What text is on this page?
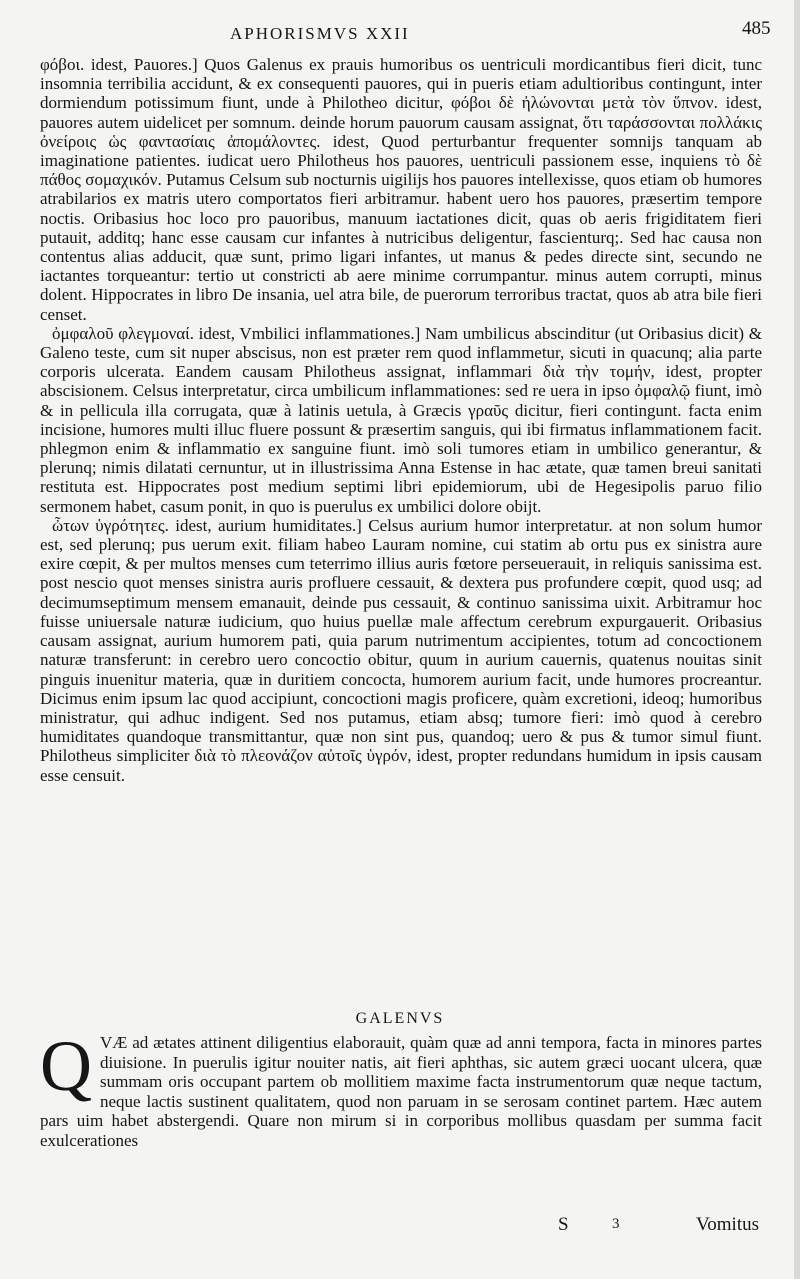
APHORISMVS XXII	485

φόβοι. idest, Pauores.] Quos Galenus ex prauis humoribus os uentriculi mordicantibus fieri dicit, tunc insomnia terribilia accidunt, & ex consequenti pauores, qui in pueris etiam adultioribus contingunt, inter dormiendum potissimum fiunt, unde à Philotheo dicitur, φόβοι δὲ ἠλώνονται μετὰ τὸν ὕπνον. idest, pauores autem uidelicet per somnum. deinde horum pauorum causam assignat, ὅτι ταράσσονται πολλάκις ὀνείροις ὡς φαντασίαις ἀπομάλοντες. idest, Quod perturbantur frequenter somnijs tanquam ab imaginatione patientes. iudicat uero Philotheus hos pauores, uentriculi passionem esse, inquiens τὸ δὲ πάθος σομαχικόν. Putamus Celsum sub nocturnis uigilijs hos pauores intellexisse, quos etiam ob humores atrabilarios ex matris utero comportatos fieri arbitramur. habent uero hos pauores, præsertim tempore noctis. Oribasius hoc loco pro pauoribus, manuum iactationes dicit, quas ob aeris frigiditatem fieri putauit, additq; hanc esse causam cur infantes à nutricibus deligentur, fascienturq;. Sed hac causa non contentus alias adducit, quæ sunt, primo ligari infantes, ut manus & pedes directe sint, secundo ne iactantes torqueantur: tertio ut constricti ab aere minime corrumpantur. minus autem corrupti, minus dolent. Hippocrates in libro De insania, uel atra bile, de puerorum terroribus tractat, quos ab atra bile fieri censet.

ὀμφαλοῦ φλεγμοναί. idest, Vmbilici inflammationes.] Nam umbilicus abscinditur (ut Oribasius dicit) & Galeno teste, cum sit nuper abscisus, non est præter rem quod inflammetur, sicuti in quacunq; alia parte corporis ulcerata. Eandem causam Philotheus assignat, inflammari διὰ τὴν τομήν, idest, propter abscisionem. Celsus interpretatur, circa umbilicum inflammationes: sed re uera in ipso ὀμφαλῷ fiunt, imò & in pellicula illa corrugata, quæ à latinis uetula, à Græcis γραῦς dicitur, fieri contingunt. facta enim incisione, humores multi illuc fluere possunt & præsertim sanguis, qui ibi firmatus inflammationem facit. phlegmon enim & inflammatio ex sanguine fiunt. imò soli tumores etiam in umbilico generantur, & plerunq; nimis dilatati cernuntur, ut in illustrissima Anna Estense in hac ætate, quæ tamen breui sanitati restituta est. Hippocrates post medium septimi libri epidemiorum, ubi de Hegesipolis paruo filio sermonem habet, casum ponit, in quo is puerulus ex umbilici dolore obijt.

ὦτων ὑγρότητες. idest, aurium humiditates.] Celsus aurium humor interpretatur. at non solum humor est, sed plerunq; pus uerum exit. filiam habeo Lauram nomine, cui statim ab ortu pus ex sinistra aure exire cœpit, & per multos menses cum teterrimo illius auris fœtore perseuerauit, in reliquis sanissima est. post nescio quot menses sinistra auris profluere cessauit, & dextera pus profundere cœpit, quod usq; ad decimumseptimum mensem emanauit, deinde pus cessauit, & continuo sanissima uixit. Arbitramur hoc fuisse uniuersale naturæ iudicium, quo huius puellæ male affectum cerebrum expurgauerit. Oribasius causam assignat, aurium humorem pati, quia parum nutrimentum accipientes, totum ad concoctionem naturæ transferunt: in cerebro uero concoctio obitur, quum in aurium cauernis, quatenus nouitas sinit pinguis inuenitur materia, quæ in duritiem concocta, humorem aurium facit, unde humores procreantur. Dicimus enim ipsum lac quod accipiunt, concoctioni magis proficere, quàm excretioni, ideoq; humoribus ministratur, qui adhuc indigent. Sed nos putamus, etiam absq; tumore fieri: imò quod à cerebro humiditates quandoque transmittantur, quæ non sint pus, quandoq; uero & pus & tumor simul fiunt. Philotheus simpliciter διὰ τὸ πλεονάζον αὐτοῖς ὑγρόν, idest, propter redundans humidum in ipsis causam esse censuit.

GALENVS
Q VÆ ad ætates attinent diligentius elaborauit, quàm quæ ad anni tempora, facta in minores partes diuisione. In puerulis igitur nouiter natis, ait fieri aphthas, sic autem græci uocant ulcera, quæ summam oris occupant partem ob mollitiem maxime facta instrumentorum quæ neque tactum, neque lactis sustinent qualitatem, quod non paruam in se serosam continet partem. Hæc autem pars uim habet abstergendi. Quare non mirum si in corporibus mollibus quasdam per summa facit exulcerationes
S	3	Vomitus
